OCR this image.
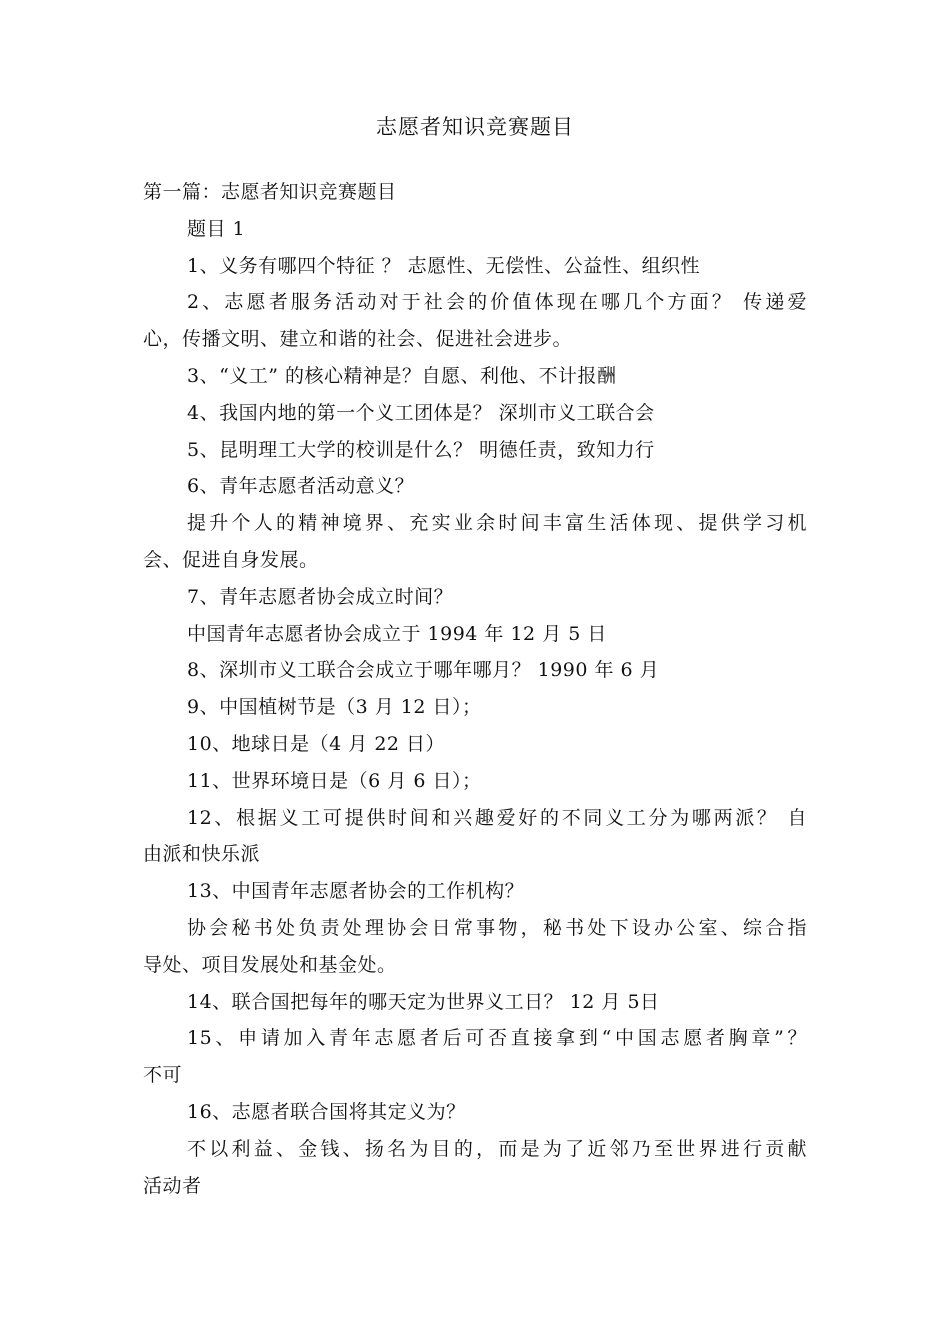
志愿者知识竞赛题目
第一篇：志愿者知识竞赛题目
题目 1
1、义务有哪四个特征 ？ 志愿性、无偿性、公益性、组织性
2、志愿者服务活动对于社会的价值体现在哪几个方面？ 传递爱
心，传播文明、建立和谐的社会、促进社会进步。
3、“义工” 的核心精神是？自愿、利他、不计报酬
4、我国内地的第一个义工团体是？ 深圳市义工联合会
5、昆明理工大学的校训是什么？ 明德任责，致知力行
6、青年志愿者活动意义？
提升个人的精神境界、充实业余时间丰富生活体现、提供学习机
会、促进自身发展。
7、青年志愿者协会成立时间？
中国青年志愿者协会成立于 1994 年 12 月 5 日
8、深圳市义工联合会成立于哪年哪月？ 1990 年 6 月
9、中国植树节是（3 月 12 日）；
10、地球日是（4 月 22 日）
11、世界环境日是（6 月 6 日）；
12、根据义工可提供时间和兴趣爱好的不同义工分为哪两派？ 自
由派和快乐派
13、中国青年志愿者协会的工作机构？
协会秘书处负责处理协会日常事物，秘书处下设办公室、综合指
导处、项目发展处和基金处。
14、联合国把每年的哪天定为世界义工日？ 12 月 5日
15、申请加入青年志愿者后可否直接拿到“中国志愿者胸章”？
不可
16、志愿者联合国将其定义为？
不以利益、金钱、扬名为目的，而是为了近邻乃至世界进行贡献
活动者
